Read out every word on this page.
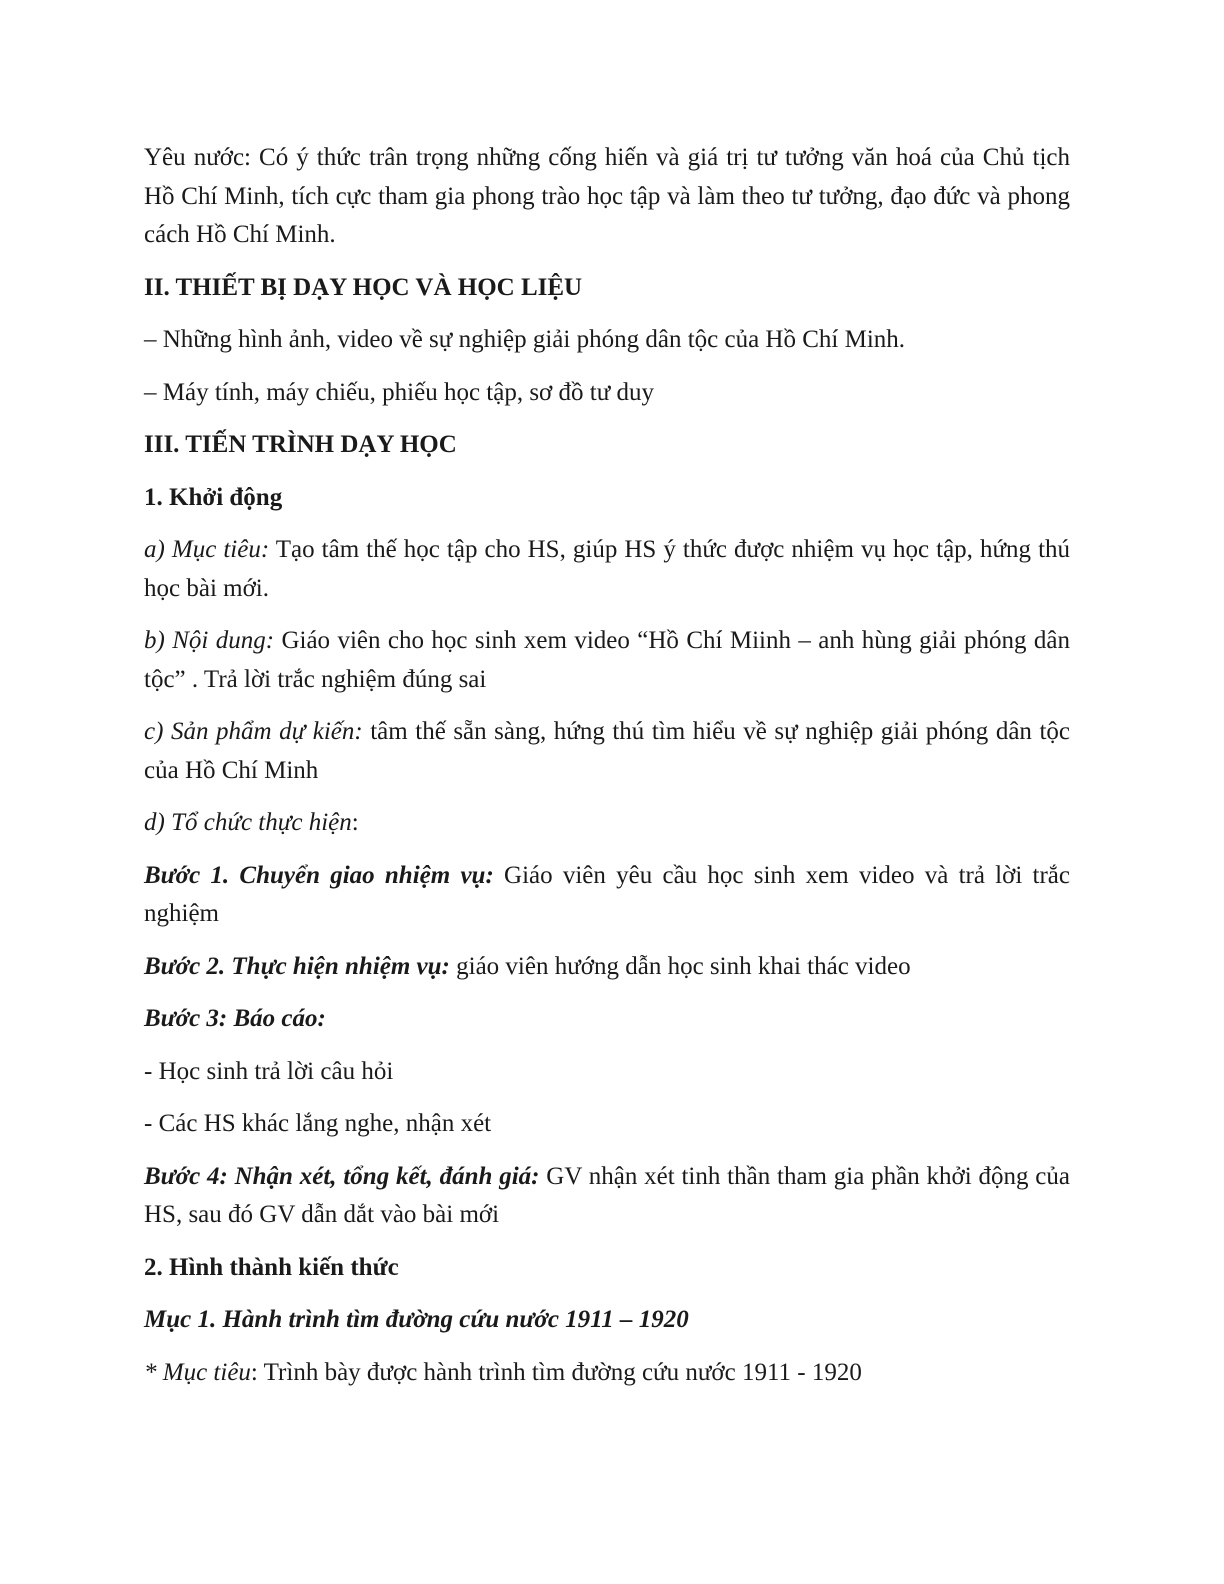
Yêu nước: Có ý thức trân trọng những cống hiến và giá trị tư tưởng văn hoá của Chủ tịch Hồ Chí Minh, tích cực tham gia phong trào học tập và làm theo tư tưởng, đạo đức và phong cách Hồ Chí Minh.

II. THIẾT BỊ DẠY HỌC VÀ HỌC LIỆU

– Những hình ảnh, video về sự nghiệp giải phóng dân tộc của Hồ Chí Minh.

– Máy tính, máy chiếu, phiếu học tập, sơ đồ tư duy

III. TIẾN TRÌNH DẠY HỌC

1. Khởi động

a) Mục tiêu: Tạo tâm thế học tập cho HS, giúp HS ý thức được nhiệm vụ học tập, hứng thú học bài mới.

b) Nội dung: Giáo viên cho học sinh xem video “Hồ Chí Miinh – anh hùng giải phóng dân tộc” . Trả lời trắc nghiệm đúng sai

c) Sản phẩm dự kiến: tâm thế sẵn sàng, hứng thú tìm hiểu về sự nghiệp giải phóng dân tộc của Hồ Chí Minh

d) Tổ chức thực hiện:

Bước 1. Chuyển giao nhiệm vụ: Giáo viên yêu cầu học sinh xem video và trả lời trắc nghiệm

Bước 2. Thực hiện nhiệm vụ: giáo viên hướng dẫn học sinh khai thác video

Bước 3: Báo cáo:

- Học sinh trả lời câu hỏi

- Các HS khác lắng nghe, nhận xét

Bước 4: Nhận xét, tổng kết, đánh giá: GV nhận xét tinh thần tham gia phần khởi động của HS, sau đó GV dẫn dắt vào bài mới

2. Hình thành kiến thức

Mục 1. Hành trình tìm đường cứu nước 1911 – 1920

* Mục tiêu: Trình bày được hành trình tìm đường cứu nước 1911 - 1920
